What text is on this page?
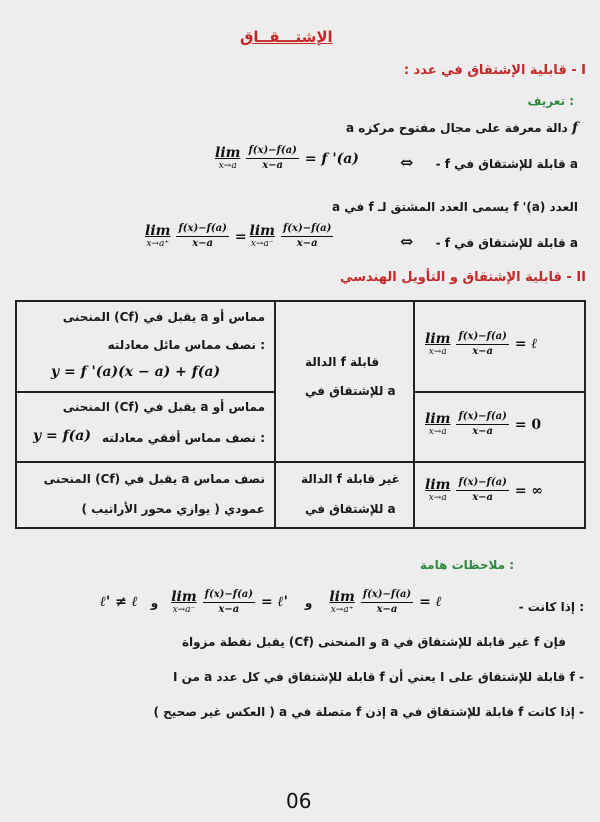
الإشتـــقــاق
I - قابلية الإشتقاق في عدد :
تعريف :
f دالة معرفة على مجال مفتوح مركزه a
- f قابلة للإشتقاق في a
⇔
lim
$x\to a \frac{f(x)-f(a)}{x-a} = f$ '(a)
العدد f '(a) يسمى العدد المشتق لـ f في a
- f قابلة للإشتقاق في a
⇔
lim
$x\to a^+ \frac{f(x)-f(a)}{x-a} = \lim$
$x\to a^- \frac{f(x)-f(a)}{x-a}$
II - قابلية الإشتقاق و التأويل الهندسي
المنحنى (Cf) يقبل في a مماس أو
نصف مماس مائل معادلته :
y = f '(a)(x − a) + f(a)
الدالة f قابلة
للإشتقاق في a
lim
$x\to a \frac{f(x)-f(a)}{x-a}$ = ℓ
المنحنى (Cf) يقبل في a مماس أو
نصف مماس أفقي معادلته :
y = f(a)
lim
$x\to a \frac{f(x)-f(a)}{x-a} = 0$
المنحنى (Cf) يقبل في a نصف مماس
عمودي ( يوازي محور الأراتيب )
الدالة f غير قابلة
للإشتقاق في a
lim
$x\to a \frac{f(x)-f(a)}{x-a}$ = ∞
ملاحظات هامة :
- إذا كانت :
ℓ' ≠ ℓ و lim
$x\to a^- \frac{f(x)-f(a)}{x-a}$ = ℓ' و lim
$x\to a^+ \frac{f(x)-f(a)}{x-a}$ = ℓ
فإن f غير قابلة للإشتقاق في a و المنحنى (Cf) يقبل نقطة مزواة
- f قابلة للإشتقاق على I يعني أن f قابلة للإشتقاق في كل عدد a من I
- إذا كانت f قابلة للإشتقاق في a إذن f متصلة في a ( العكس غير صحيح )
06
